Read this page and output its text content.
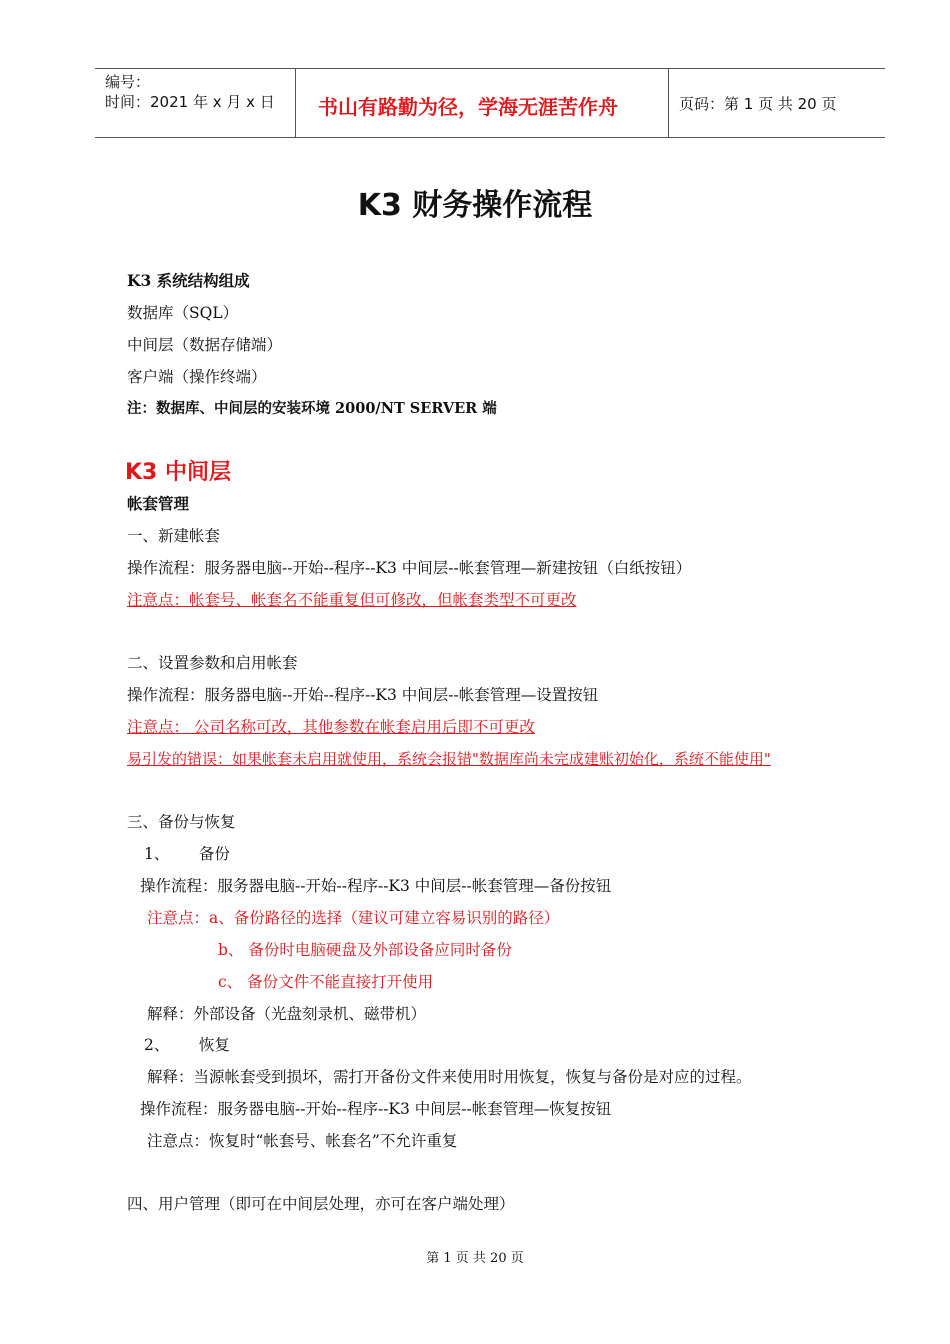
编号：
时间：2021 年 x 月 x 日 书山有路勤为径，学海无涯苦作舟	页码：第 1 页 共 20 页
K3 财务操作流程
K3 系统结构组成
数据库（SQL）
中间层（数据存储端）
客户端（操作终端）
注：数据库、中间层的安装环境 2000/NT SERVER 端
K3 中间层
帐套管理
一、新建帐套
操作流程：服务器电脑--开始--程序--K3 中间层--帐套管理—新建按钮（白纸按钮）
注意点：帐套号、帐套名不能重复但可修改，但帐套类型不可更改
二、设置参数和启用帐套
操作流程：服务器电脑--开始--程序--K3 中间层--帐套管理—设置按钮
注意点： 公司名称可改，其他参数在帐套启用后即不可更改
易引发的错误：如果帐套未启用就使用，系统会报错"数据库尚未完成建账初始化，系统不能使用"
三、备份与恢复
1、      备份
操作流程：服务器电脑--开始--程序--K3 中间层--帐套管理—备份按钮
注意点：a、备份路径的选择（建议可建立容易识别的路径）
b、 备份时电脑硬盘及外部设备应同时备份
c、 备份文件不能直接打开使用
解释：外部设备（光盘刻录机、磁带机）
2、      恢复
解释：当源帐套受到损坏，需打开备份文件来使用时用恢复，恢复与备份是对应的过程。
操作流程：服务器电脑--开始--程序--K3 中间层--帐套管理—恢复按钮
注意点：恢复时“帐套号、帐套名”不允许重复
四、用户管理（即可在中间层处理，亦可在客户端处理）
第 1 页 共 20 页
